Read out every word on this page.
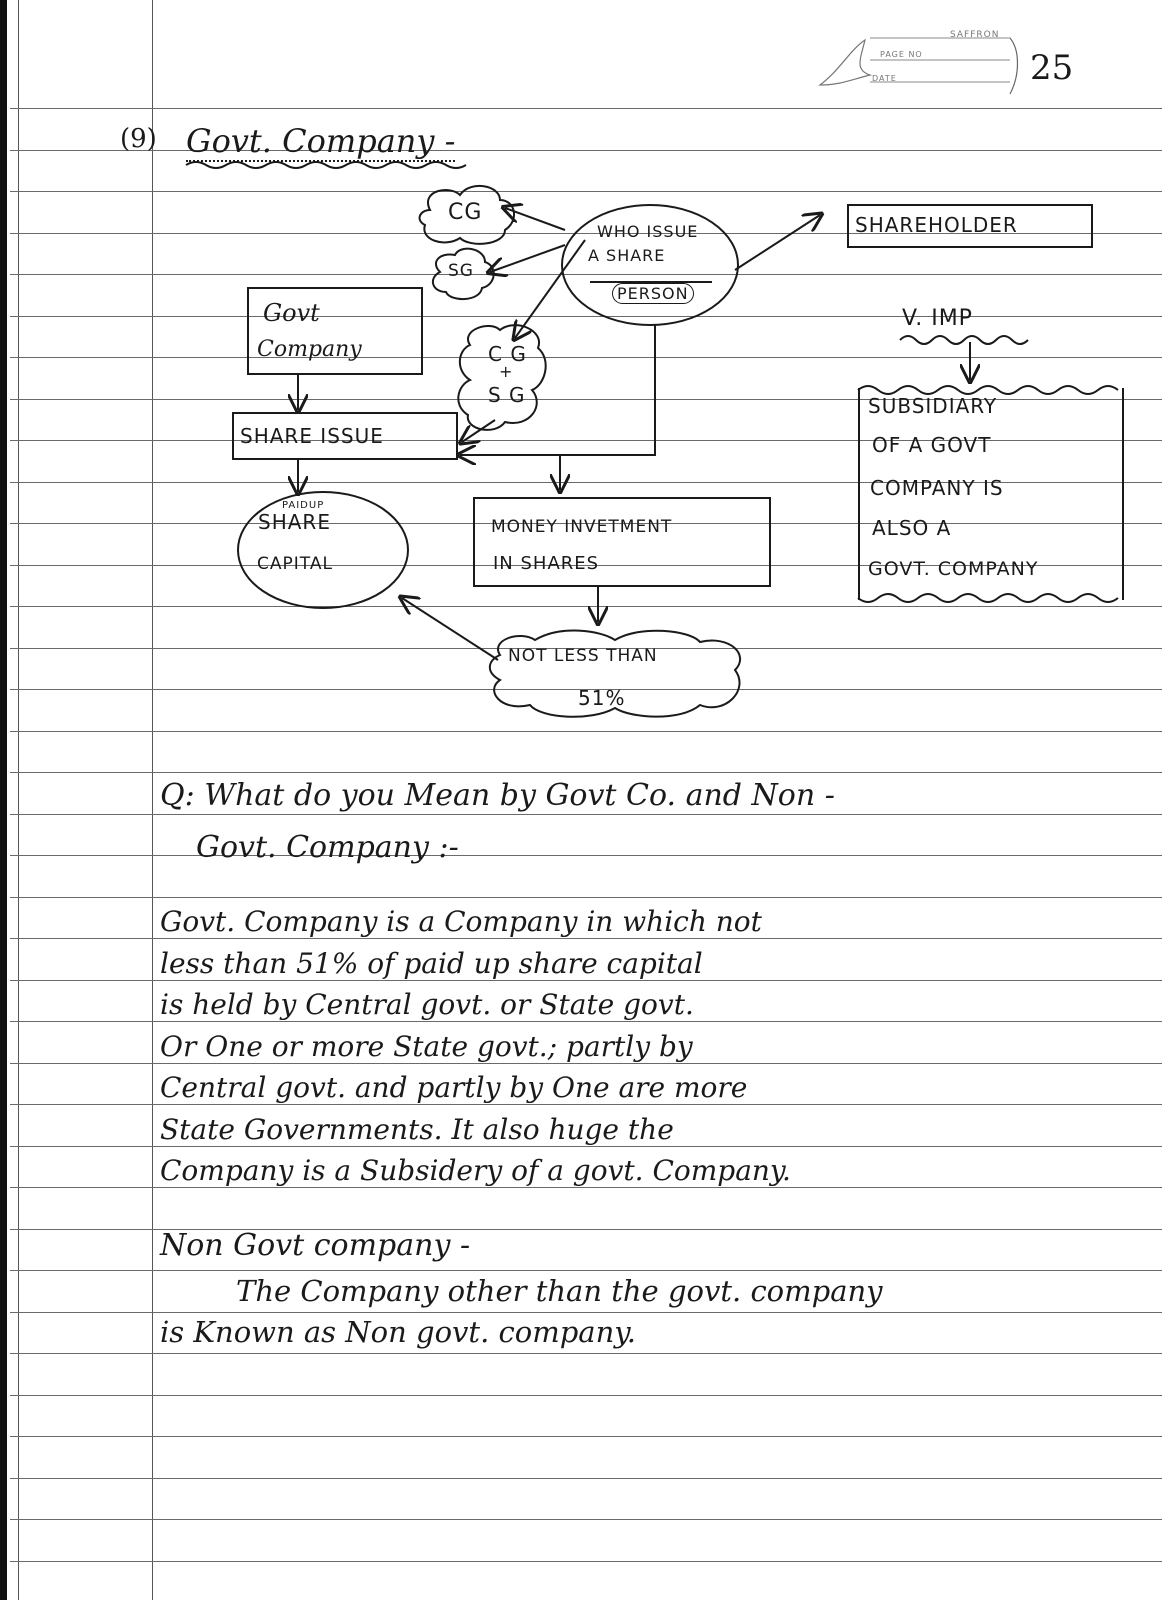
SAFFRON
PAGE NO
DATE	25
(9) Govt. Company -
WHO ISSUE
A SHARE
PERSON
CG
SG
C G
+
S G
SHAREHOLDER
Govt
Company
SHARE ISSUE
PAIDUP
SHARE
CAPITAL
MONEY INVETMENT
IN SHARES
NOT LESS THAN
51%
V. IMP
SUBSIDIARY
OF A GOVT
COMPANY IS
ALSO A
GOVT. COMPANY
Q: What do you Mean by Govt Co. and Non -
Govt. Company :-
Govt. Company is a Company in which not
less than 51% of paid up share capital
is held by Central govt. or State govt.
Or One or more State govt.; partly by
Central govt. and partly by One are more
State Governments. It also huge the
Company is a Subsidery of a govt. Company.
Non Govt company -
The Company other than the govt. company
is Known as Non govt. company.
